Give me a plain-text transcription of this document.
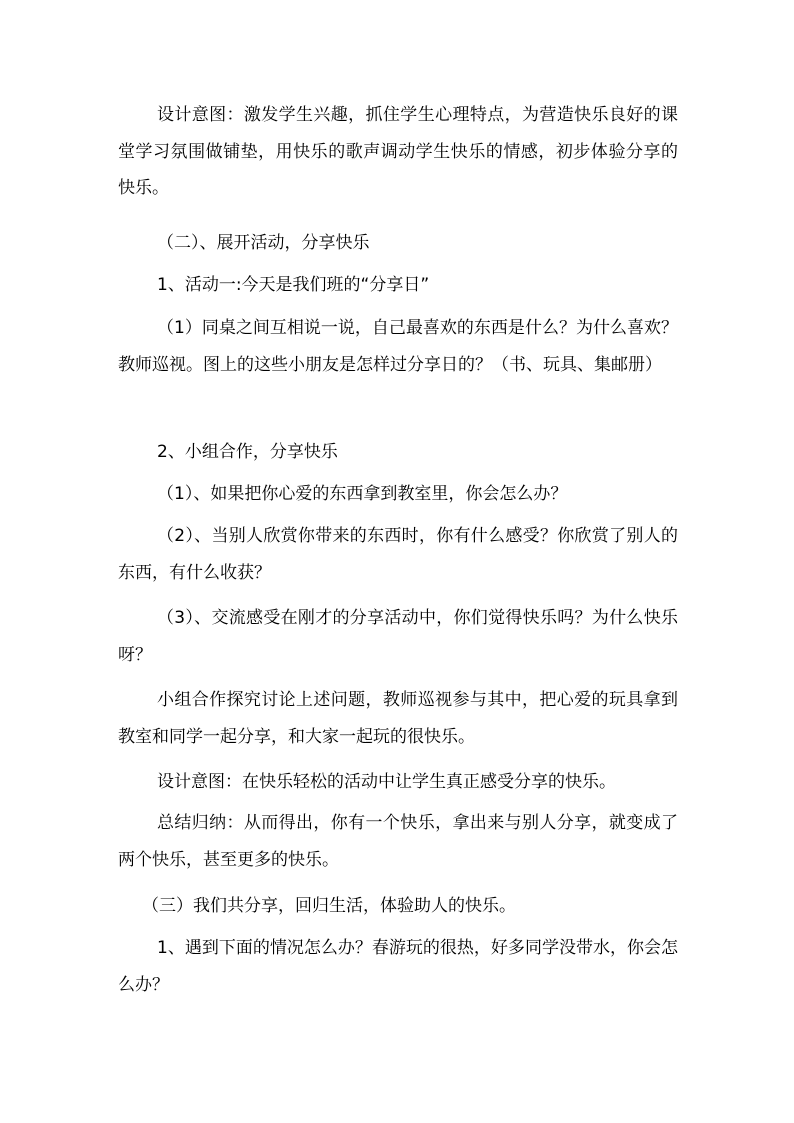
设计意图：激发学生兴趣，抓住学生心理特点，为营造快乐良好的课堂学习氛围做铺垫，用快乐的歌声调动学生快乐的情感，初步体验分享的快乐。

（二）、展开活动，分享快乐

1、活动一:今天是我们班的“分享日”

（1）同桌之间互相说一说，自己最喜欢的东西是什么？为什么喜欢？教师巡视。图上的这些小朋友是怎样过分享日的？（书、玩具、集邮册）

2、小组合作，分享快乐

（1）、如果把你心爱的东西拿到教室里，你会怎么办？

（2）、当别人欣赏你带来的东西时，你有什么感受？你欣赏了别人的东西，有什么收获？

（3）、交流感受在刚才的分享活动中，你们觉得快乐吗？为什么快乐呀？

小组合作探究讨论上述问题，教师巡视参与其中，把心爱的玩具拿到教室和同学一起分享，和大家一起玩的很快乐。

设计意图：在快乐轻松的活动中让学生真正感受分享的快乐。

总结归纳：从而得出，你有一个快乐，拿出来与别人分享，就变成了两个快乐，甚至更多的快乐。

（三）我们共分享，回归生活，体验助人的快乐。

1、遇到下面的情况怎么办？春游玩的很热，好多同学没带水，你会怎么办？
